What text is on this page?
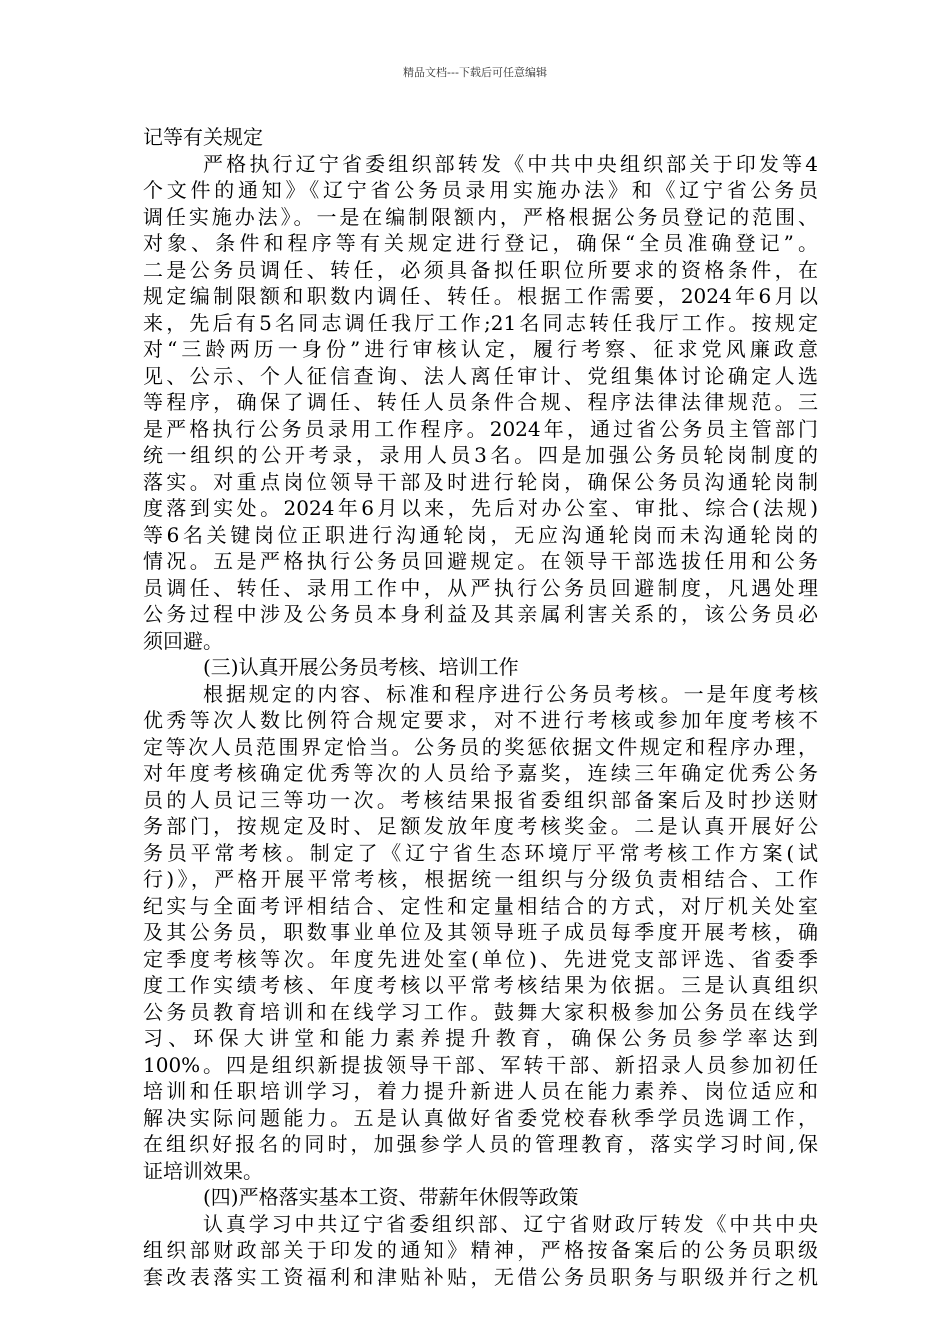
精品文档---下载后可任意编辑
记等有关规定
严格执行辽宁省委组织部转发《中共中央组织部关于印发等4
个文件的通知》《辽宁省公务员录用实施办法》和《辽宁省公务员
调任实施办法》。一是在编制限额内，严格根据公务员登记的范围、
对象、条件和程序等有关规定进行登记，确保“全员准确登记”。
二是公务员调任、转任，必须具备拟任职位所要求的资格条件，在
规定编制限额和职数内调任、转任。根据工作需要，2024年6月以
来，先后有5名同志调任我厅工作;21名同志转任我厅工作。按规定
对“三龄两历一身份”进行审核认定，履行考察、征求党风廉政意
见、公示、个人征信查询、法人离任审计、党组集体讨论确定人选
等程序，确保了调任、转任人员条件合规、程序法律法律规范。三
是严格执行公务员录用工作程序。2024年，通过省公务员主管部门
统一组织的公开考录，录用人员3名。四是加强公务员轮岗制度的
落实。对重点岗位领导干部及时进行轮岗，确保公务员沟通轮岗制
度落到实处。2024年6月以来，先后对办公室、审批、综合(法规)
等6名关键岗位正职进行沟通轮岗，无应沟通轮岗而未沟通轮岗的
情况。五是严格执行公务员回避规定。在领导干部选拔任用和公务
员调任、转任、录用工作中，从严执行公务员回避制度，凡遇处理
公务过程中涉及公务员本身利益及其亲属利害关系的，该公务员必
须回避。
(三)认真开展公务员考核、培训工作
根据规定的内容、标准和程序进行公务员考核。一是年度考核
优秀等次人数比例符合规定要求，对不进行考核或参加年度考核不
定等次人员范围界定恰当。公务员的奖惩依据文件规定和程序办理，
对年度考核确定优秀等次的人员给予嘉奖，连续三年确定优秀公务
员的人员记三等功一次。考核结果报省委组织部备案后及时抄送财
务部门，按规定及时、足额发放年度考核奖金。二是认真开展好公
务员平常考核。制定了《辽宁省生态环境厅平常考核工作方案(试
行)》，严格开展平常考核，根据统一组织与分级负责相结合、工作
纪实与全面考评相结合、定性和定量相结合的方式，对厅机关处室
及其公务员，职数事业单位及其领导班子成员每季度开展考核，确
定季度考核等次。年度先进处室(单位)、先进党支部评选、省委季
度工作实绩考核、年度考核以平常考核结果为依据。三是认真组织
公务员教育培训和在线学习工作。鼓舞大家积极参加公务员在线学
习、环保大讲堂和能力素养提升教育，确保公务员参学率达到
100%。四是组织新提拔领导干部、军转干部、新招录人员参加初任
培训和任职培训学习，着力提升新进人员在能力素养、岗位适应和
解决实际问题能力。五是认真做好省委党校春秋季学员选调工作，
在组织好报名的同时，加强参学人员的管理教育，落实学习时间,保
证培训效果。
(四)严格落实基本工资、带薪年休假等政策
认真学习中共辽宁省委组织部、辽宁省财政厅转发《中共中央
组织部财政部关于印发的通知》精神，严格按备案后的公务员职级
套改表落实工资福利和津贴补贴，无借公务员职务与职级并行之机
